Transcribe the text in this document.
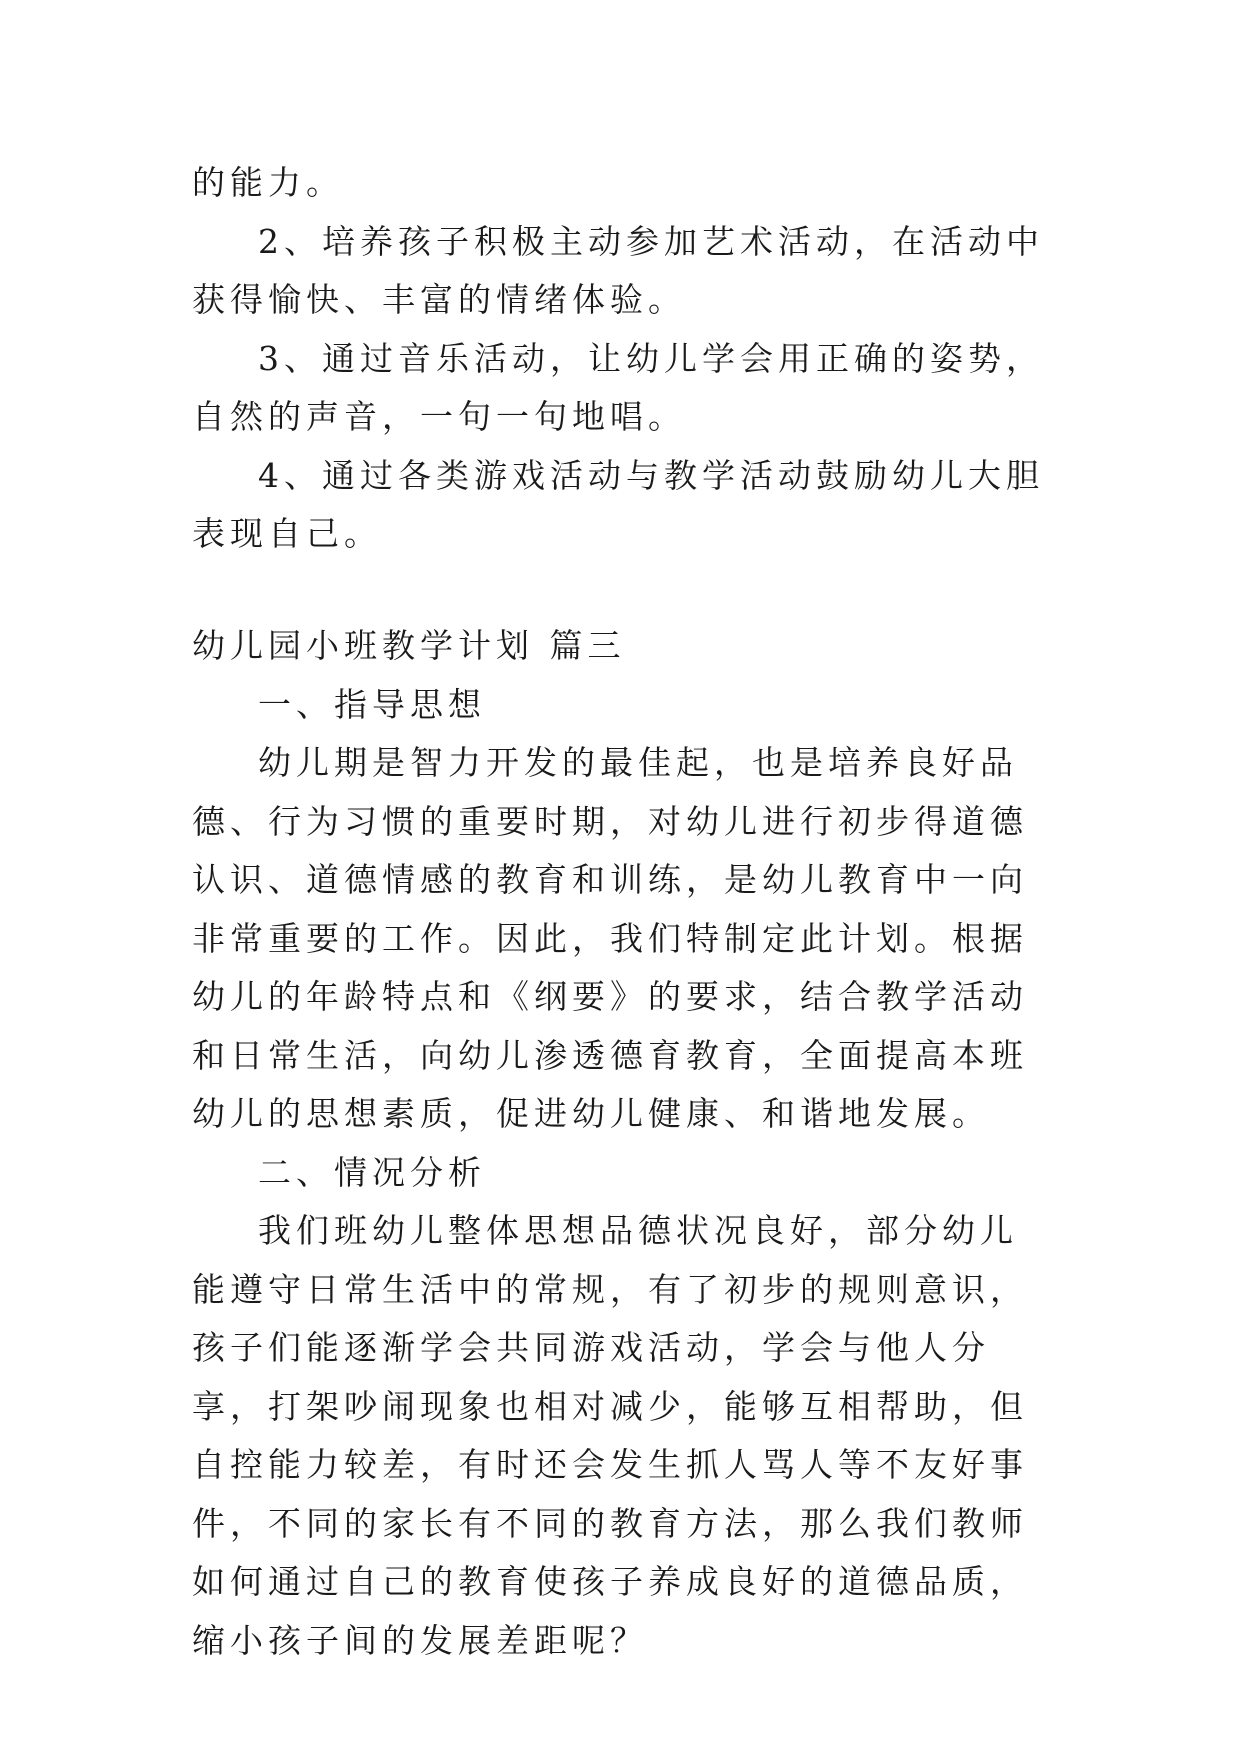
的能力。

2、培养孩子积极主动参加艺术活动，在活动中获得愉快、丰富的情绪体验。

3、通过音乐活动，让幼儿学会用正确的姿势，自然的声音，一句一句地唱。

4、通过各类游戏活动与教学活动鼓励幼儿大胆表现自己。

幼儿园小班教学计划 篇三

一、指导思想

幼儿期是智力开发的最佳起，也是培养良好品德、行为习惯的重要时期，对幼儿进行初步得道德认识、道德情感的教育和训练，是幼儿教育中一向非常重要的工作。因此，我们特制定此计划。根据幼儿的年龄特点和《纲要》的要求，结合教学活动和日常生活，向幼儿渗透德育教育，全面提高本班幼儿的思想素质，促进幼儿健康、和谐地发展。

二、情况分析

我们班幼儿整体思想品德状况良好，部分幼儿能遵守日常生活中的常规，有了初步的规则意识，孩子们能逐渐学会共同游戏活动，学会与他人分享，打架吵闹现象也相对减少，能够互相帮助，但自控能力较差，有时还会发生抓人骂人等不友好事件，不同的家长有不同的教育方法，那么我们教师如何通过自己的教育使孩子养成良好的道德品质，缩小孩子间的发展差距呢？
